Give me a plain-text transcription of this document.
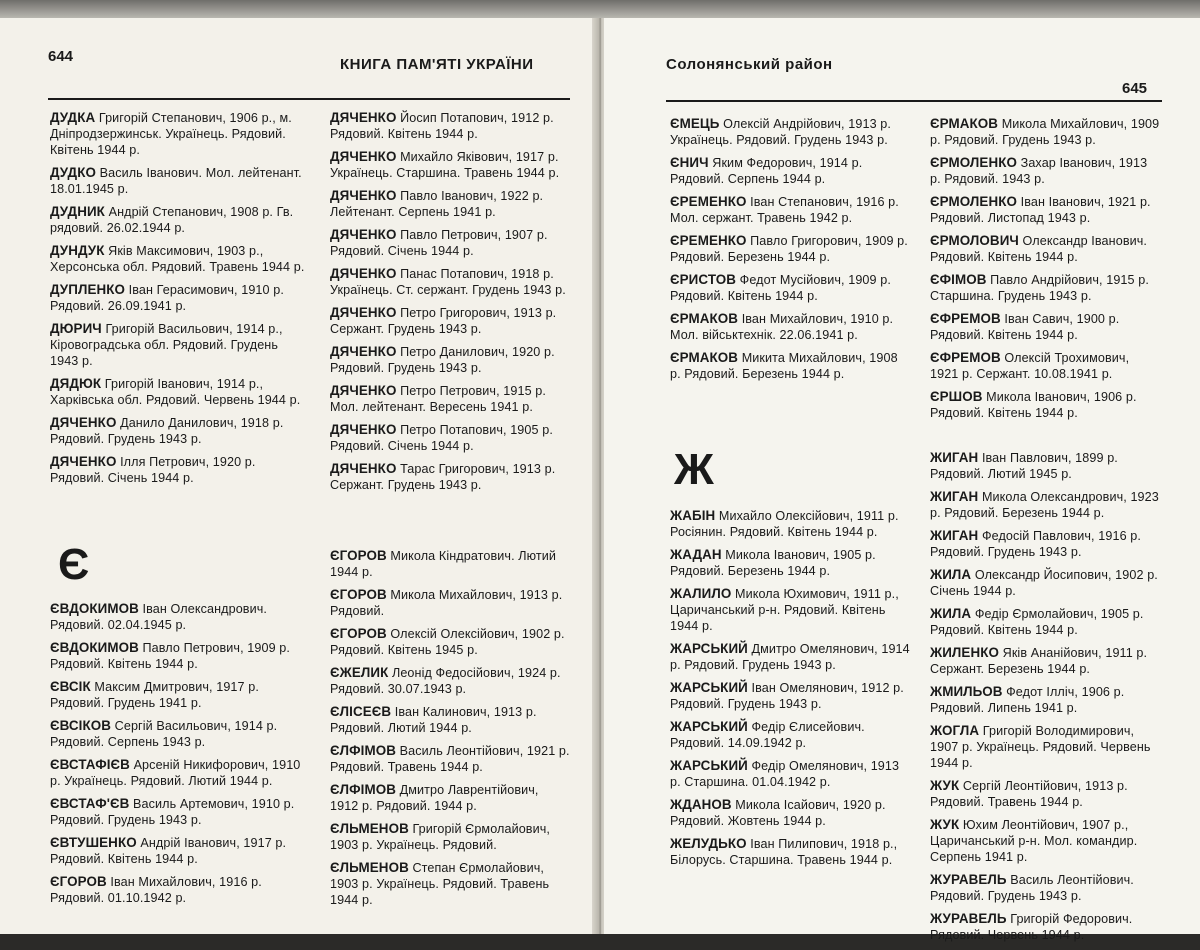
644	КНИГА ПАМ'ЯТІ УКРАЇНИ
ДУДКА Григорій Степанович, 1906 р., м. Дніпродзержинськ. Українець. Рядовий. Квітень 1944 р.
ДУДКО Василь Іванович. Мол. лейтенант. 18.01.1945 р.
ДУДНИК Андрій Степанович, 1908 р. Гв. рядовий. 26.02.1944 р.
ДУНДУК Яків Максимович, 1903 р., Херсонська обл. Рядовий. Травень 1944 р.
ДУПЛЕНКО Іван Герасимович, 1910 р. Рядовий. 26.09.1941 р.
ДЮРИЧ Григорій Васильович, 1914 р., Кіровоградська обл. Рядовий. Грудень 1943 р.
ДЯДЮК Григорій Іванович, 1914 р., Харківська обл. Рядовий. Червень 1944 р.
ДЯЧЕНКО Данило Данилович, 1918 р. Рядовий. Грудень 1943 р.
ДЯЧЕНКО Ілля Петрович, 1920 р. Рядовий. Січень 1944 р.
ДЯЧЕНКО Йосип Потапович, 1912 р. Рядовий. Квітень 1944 р.
ДЯЧЕНКО Михайло Яківович, 1917 р. Українець. Старшина. Травень 1944 р.
ДЯЧЕНКО Павло Іванович, 1922 р. Лейтенант. Серпень 1941 р.
ДЯЧЕНКО Павло Петрович, 1907 р. Рядовий. Січень 1944 р.
ДЯЧЕНКО Панас Потапович, 1918 р. Українець. Ст. сержант. Грудень 1943 р.
ДЯЧЕНКО Петро Григорович, 1913 р. Сержант. Грудень 1943 р.
ДЯЧЕНКО Петро Данилович, 1920 р. Рядовий. Грудень 1943 р.
ДЯЧЕНКО Петро Петрович, 1915 р. Мол. лейтенант. Вересень 1941 р.
ДЯЧЕНКО Петро Потапович, 1905 р. Рядовий. Січень 1944 р.
ДЯЧЕНКО Тарас Григорович, 1913 р. Сержант. Грудень 1943 р.
Є
ЄВДОКИМОВ Іван Олександрович. Рядовий. 02.04.1945 р.
ЄВДОКИМОВ Павло Петрович, 1909 р. Рядовий. Квітень 1944 р.
ЄВСІК Максим Дмитрович, 1917 р. Рядовий. Грудень 1941 р.
ЄВСІКОВ Сергій Васильович, 1914 р. Рядовий. Серпень 1943 р.
ЄВСТАФІЄВ Арсеній Никифорович, 1910 р. Українець. Рядовий. Лютий 1944 р.
ЄВСТАФ'ЄВ Василь Артемович, 1910 р. Рядовий. Грудень 1943 р.
ЄВТУШЕНКО Андрій Іванович, 1917 р. Рядовий. Квітень 1944 р.
ЄГОРОВ Іван Михайлович, 1916 р. Рядовий. 01.10.1942 р.
ЄГОРОВ Микола Кіндратович. Лютий 1944 р.
ЄГОРОВ Микола Михайлович, 1913 р. Рядовий.
ЄГОРОВ Олексій Олексійович, 1902 р. Рядовий. Квітень 1945 р.
ЄЖЕЛИК Леонід Федосійович, 1924 р. Рядовий. 30.07.1943 р.
ЄЛІСЕЄВ Іван Калинович, 1913 р. Рядовий. Лютий 1944 р.
ЄЛФІМОВ Василь Леонтійович, 1921 р. Рядовий. Травень 1944 р.
ЄЛФІМОВ Дмитро Лаврентійович, 1912 р. Рядовий. 1944 р.
ЄЛЬМЕНОВ Григорій Єрмолайович, 1903 р. Українець. Рядовий.
ЄЛЬМЕНОВ Степан Єрмолайович, 1903 р. Українець. Рядовий. Травень 1944 р.
Солонянський район
645
ЄМЕЦЬ Олексій Андрійович, 1913 р. Українець. Рядовий. Грудень 1943 р.
ЄНИЧ Яким Федорович, 1914 р. Рядовий. Серпень 1944 р.
ЄРЕМЕНКО Іван Степанович, 1916 р. Мол. сержант. Травень 1942 р.
ЄРЕМЕНКО Павло Григорович, 1909 р. Рядовий. Березень 1944 р.
ЄРИСТОВ Федот Мусійович, 1909 р. Рядовий. Квітень 1944 р.
ЄРМАКОВ Іван Михайлович, 1910 р. Мол. військтехнік. 22.06.1941 р.
ЄРМАКОВ Микита Михайлович, 1908 р. Рядовий. Березень 1944 р.
ЄРМАКОВ Микола Михайлович, 1909 р. Рядовий. Грудень 1943 р.
ЄРМОЛЕНКО Захар Іванович, 1913 р. Рядовий. 1943 р.
ЄРМОЛЕНКО Іван Іванович, 1921 р. Рядовий. Листопад 1943 р.
ЄРМОЛОВИЧ Олександр Іванович. Рядовий. Квітень 1944 р.
ЄФІМОВ Павло Андрійович, 1915 р. Старшина. Грудень 1943 р.
ЄФРЕМОВ Іван Савич, 1900 р. Рядовий. Квітень 1944 р.
ЄФРЕМОВ Олексій Трохимович, 1921 р. Сержант. 10.08.1941 р.
ЄРШОВ Микола Іванович, 1906 р. Рядовий. Квітень 1944 р.
Ж
ЖАБІН Михайло Олексійович, 1911 р. Росіянин. Рядовий. Квітень 1944 р.
ЖАДАН Микола Іванович, 1905 р. Рядовий. Березень 1944 р.
ЖАЛИЛО Микола Юхимович, 1911 р., Царичанський р-н. Рядовий. Квітень 1944 р.
ЖАРСЬКИЙ Дмитро Омелянович, 1914 р. Рядовий. Грудень 1943 р.
ЖАРСЬКИЙ Іван Омелянович, 1912 р. Рядовий. Грудень 1943 р.
ЖАРСЬКИЙ Федір Єлисейович. Рядовий. 14.09.1942 р.
ЖАРСЬКИЙ Федір Омелянович, 1913 р. Старшина. 01.04.1942 р.
ЖДАНОВ Микола Ісайович, 1920 р. Рядовий. Жовтень 1944 р.
ЖЕЛУДЬКО Іван Пилипович, 1918 р., Білорусь. Старшина. Травень 1944 р.
ЖИГАН Іван Павлович, 1899 р. Рядовий. Лютий 1945 р.
ЖИГАН Микола Олександрович, 1923 р. Рядовий. Березень 1944 р.
ЖИГАН Федосій Павлович, 1916 р. Рядовий. Грудень 1943 р.
ЖИЛА Олександр Йосипович, 1902 р. Січень 1944 р.
ЖИЛА Федір Єрмолайович, 1905 р. Рядовий. Квітень 1944 р.
ЖИЛЕНКО Яків Ананійович, 1911 р. Сержант. Березень 1944 р.
ЖМИЛЬОВ Федот Ілліч, 1906 р. Рядовий. Липень 1941 р.
ЖОГЛА Григорій Володимирович, 1907 р. Українець. Рядовий. Червень 1944 р.
ЖУК Сергій Леонтійович, 1913 р. Рядовий. Травень 1944 р.
ЖУК Юхим Леонтійович, 1907 р., Царичанський р-н. Мол. командир. Серпень 1941 р.
ЖУРАВЕЛЬ Василь Леонтійович. Рядовий. Грудень 1943 р.
ЖУРАВЕЛЬ Григорій Федорович. Рядовий. Червень 1944 р.
